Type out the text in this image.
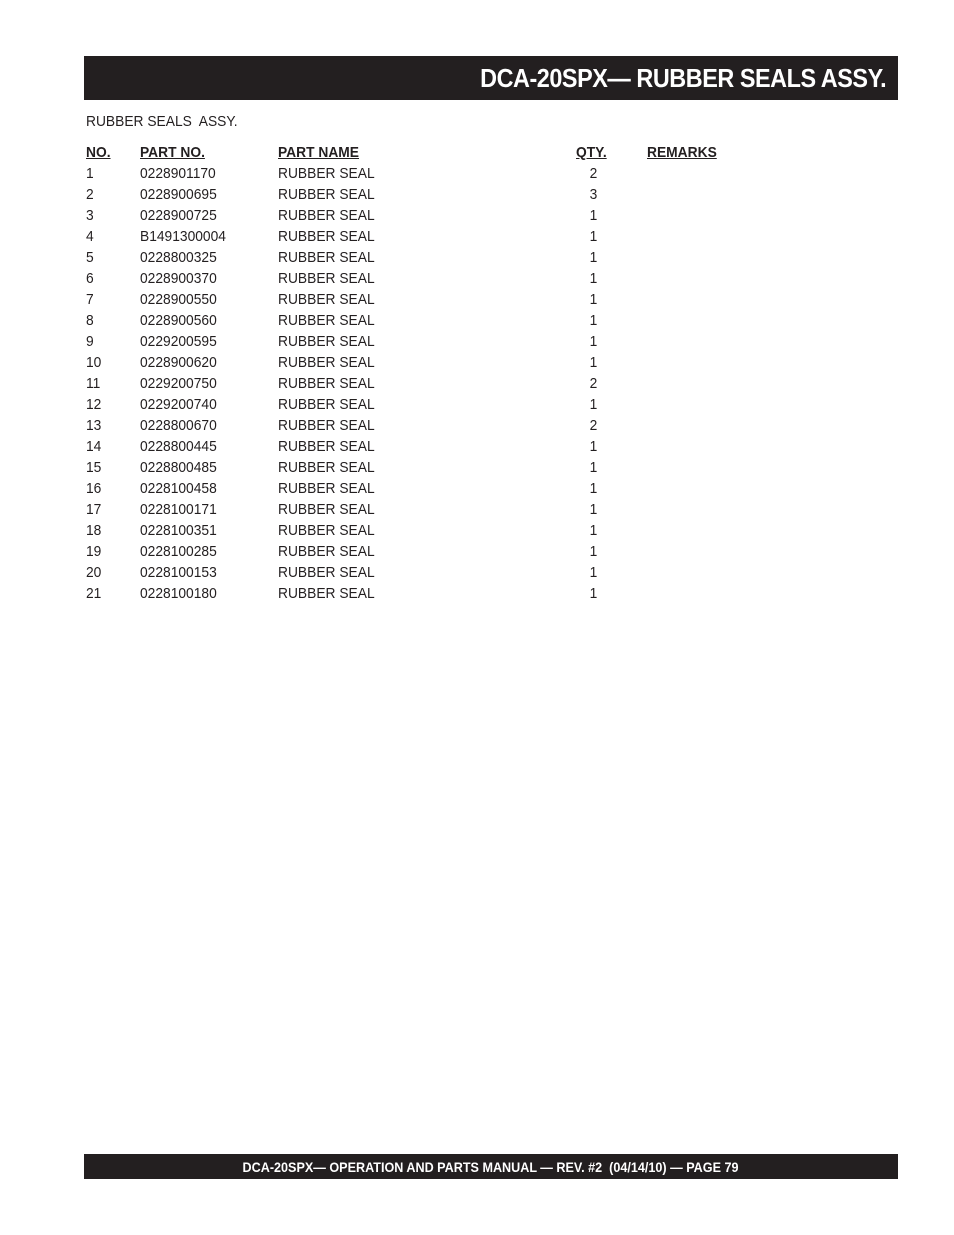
DCA-20SPX— RUBBER SEALS ASSY.
RUBBER SEALS  ASSY.
NO. PART NO.	PART NAME	QTY.	REMARKS
1	0228901170	RUBBER SEAL	2
2	0228900695	RUBBER SEAL	3
3	0228900725	RUBBER SEAL	1
4	B1491300004	RUBBER SEAL	1
5	0228800325	RUBBER SEAL	1
6	0228900370	RUBBER SEAL	1
7	0228900550	RUBBER SEAL	1
8	0228900560	RUBBER SEAL	1
9	0229200595	RUBBER SEAL	1
10	0228900620	RUBBER SEAL	1
11	0229200750	RUBBER SEAL	2
12	0229200740	RUBBER SEAL	1
13	0228800670	RUBBER SEAL	2
14	0228800445	RUBBER SEAL	1
15	0228800485	RUBBER SEAL	1
16	0228100458	RUBBER SEAL	1
17	0228100171	RUBBER SEAL	1
18	0228100351	RUBBER SEAL	1
19	0228100285	RUBBER SEAL	1
20	0228100153	RUBBER SEAL	1
21	0228100180	RUBBER SEAL	1
DCA-20SPX— OPERATION AND PARTS MANUAL — REV. #2  (04/14/10) — PAGE 79
